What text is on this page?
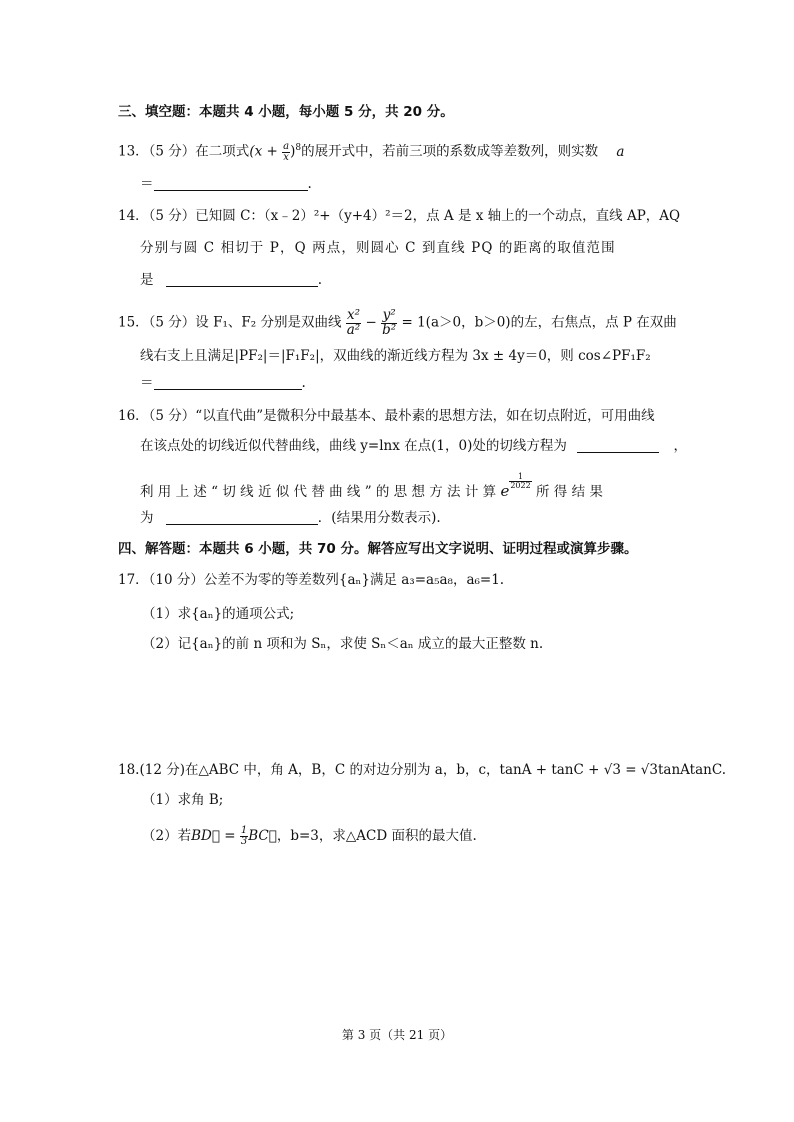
三、填空题：本题共 4 小题，每小题 5 分，共 20 分。
13．（5 分）在二项式$(x + \frac{a}{x} )^8$的展开式中，若前三项的系数成等差数列，则实数 a
＝	.
14．（5 分）已知圆 C：（x﹣2）²+（y+4）²＝2，点 A 是 x 轴上的一个动点，直线 AP，AQ
分别与圆 C 相切于 P，Q 两点，则圆心 C 到直线 PQ 的距离的取值范围
是	.
15．（5 分）设 F₁、F₂ 分别是双曲线 $\frac{\text{x²}}{\text{a²}} - \frac{\text{y²}}{\text{b²}} = 1(a>0$，b＞0)的左，右焦点，点 P 在双曲
线右支上且满足|PF₂|＝|F₁F₂|，双曲线的渐近线方程为 3x ± 4y＝0，则 cos∠PF₁F₂
＝	.
16．（5 分）“以直代曲”是微积分中最基本、最朴素的思想方法，如在切点附近，可用曲线
在该点处的切线近似代替曲线，曲线 y=lnx 在点(1，0)处的切线方程为	，
利 用 上 述 “ 切 线 近 似 代 替 曲 线 ” 的 思 想 方 法 计 算 e
$\frac{1}{2022}$
所 得 结 果
为	．(结果用分数表示).
四、解答题：本题共 6 小题，共 70 分。解答应写出文字说明、证明过程或演算步骤。
17．（10 分）公差不为零的等差数列{aₙ}满足 a₃=a₅a₈，a₆=1.
（1）求{aₙ}的通项公式;
（2）记{aₙ}的前 n 项和为 Sₙ，求使 Sₙ＜aₙ 成立的最大正整数 n.
18.(12 分)在△ABC 中，角 A，B，C 的对边分别为 a，b，c，tanA + tanC + √3 = √3tanAtanC.
（1）求角 B;
（2）若BD⃗ = $\frac{1}{3}$ BC⃗，b=3，求△ACD 面积的最大值.
第 3 页（共 21 页）
